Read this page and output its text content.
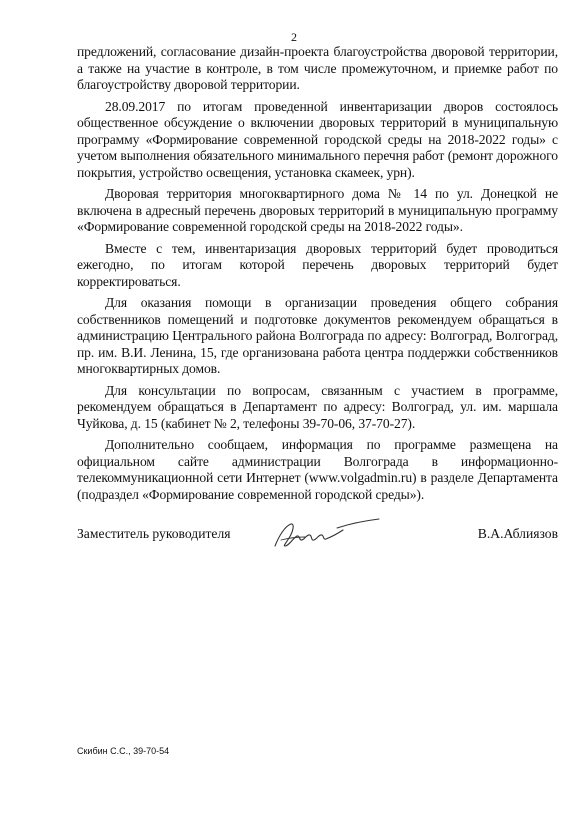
2

предложений, согласование дизайн-проекта благоустройства дворовой территории, а также на участие в контроле, в том числе промежуточном, и приемке работ по благоустройству дворовой территории.

28.09.2017 по итогам проведенной инвентаризации дворов состоялось общественное обсуждение о включении дворовых территорий в муниципальную программу «Формирование современной городской среды на 2018-2022 годы» с учетом выполнения обязательного минимального перечня работ (ремонт дорожного покрытия, устройство освещения, установка скамеек, урн).

Дворовая территория многоквартирного дома № 14 по ул. Донецкой не включена в адресный перечень дворовых территорий в муниципальную программу «Формирование современной городской среды на 2018-2022 годы».

Вместе с тем, инвентаризация дворовых территорий будет проводиться ежегодно, по итогам которой перечень дворовых территорий будет корректироваться.

Для оказания помощи в организации проведения общего собрания собственников помещений и подготовке документов рекомендуем обращаться в администрацию Центрального района Волгограда по адресу: Волгоград, Волгоград, пр. им. В.И. Ленина, 15, где организована работа центра поддержки собственников многоквартирных домов.

Для консультации по вопросам, связанным с участием в программе, рекомендуем обращаться в Департамент по адресу: Волгоград, ул. им. маршала Чуйкова, д. 15 (кабинет № 2, телефоны 39-70-06, 37-70-27).

Дополнительно сообщаем, информация по программе размещена на официальном сайте администрации Волгограда в информационно-телекоммуникационной сети Интернет (www.volgadmin.ru) в разделе Департамента (подраздел «Формирование современной городской среды»).

Заместитель руководителя	В.А.Аблиязов
Скибин С.С., 39-70-54
